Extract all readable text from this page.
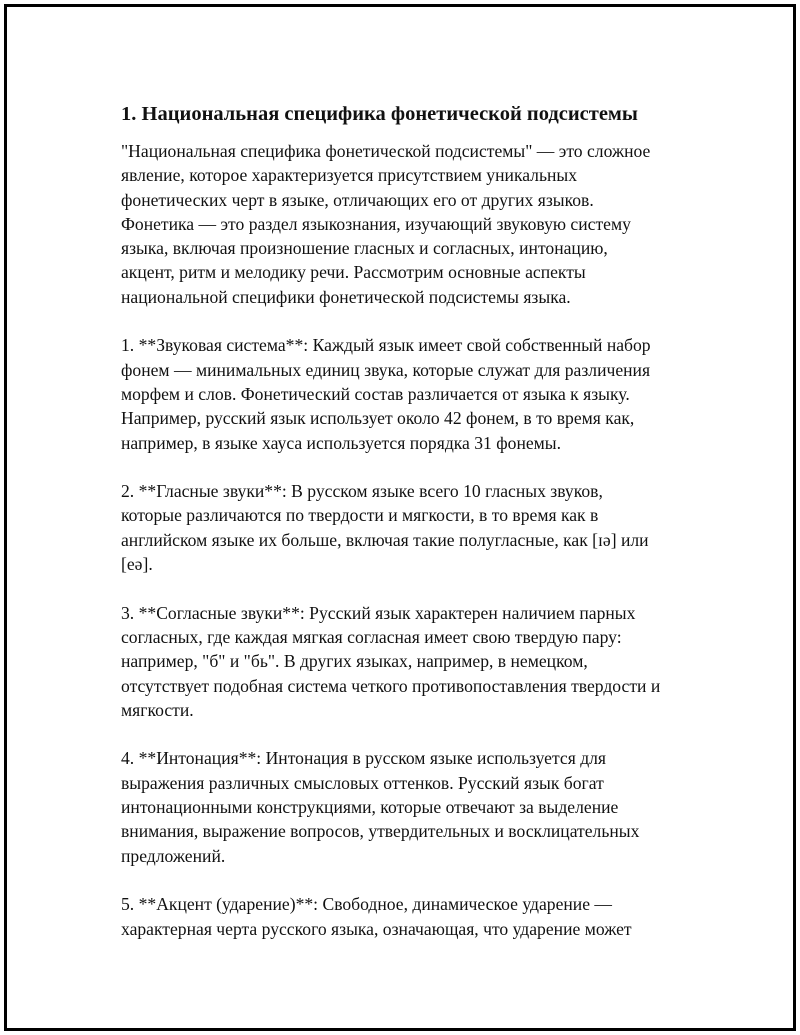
1. Национальная специфика фонетической подсистемы

"Национальная специфика фонетической подсистемы" — это сложное
явление, которое характеризуется присутствием уникальных
фонетических черт в языке, отличающих его от других языков.
Фонетика — это раздел языкознания, изучающий звуковую систему
языка, включая произношение гласных и согласных, интонацию,
акцент, ритм и мелодику речи. Рассмотрим основные аспекты
национальной специфики фонетической подсистемы языка.

1. **Звуковая система**: Каждый язык имеет свой собственный набор
фонем — минимальных единиц звука, которые служат для различения
морфем и слов. Фонетический состав различается от языка к языку.
Например, русский язык использует около 42 фонем, в то время как,
например, в языке хауса используется порядка 31 фонемы.

2. **Гласные звуки**: В русском языке всего 10 гласных звуков,
которые различаются по твердости и мягкости, в то время как в
английском языке их больше, включая такие полугласные, как [ɪə] или
[eə].

3. **Согласные звуки**: Русский язык характерен наличием парных
согласных, где каждая мягкая согласная имеет свою твердую пару:
например, "б" и "бь". В других языках, например, в немецком,
отсутствует подобная система четкого противопоставления твердости и
мягкости.

4. **Интонация**: Интонация в русском языке используется для
выражения различных смысловых оттенков. Русский язык богат
интонационными конструкциями, которые отвечают за выделение
внимания, выражение вопросов, утвердительных и восклицательных
предложений.

5. **Акцент (ударение)**: Свободное, динамическое ударение —
характерная черта русского языка, означающая, что ударение может
